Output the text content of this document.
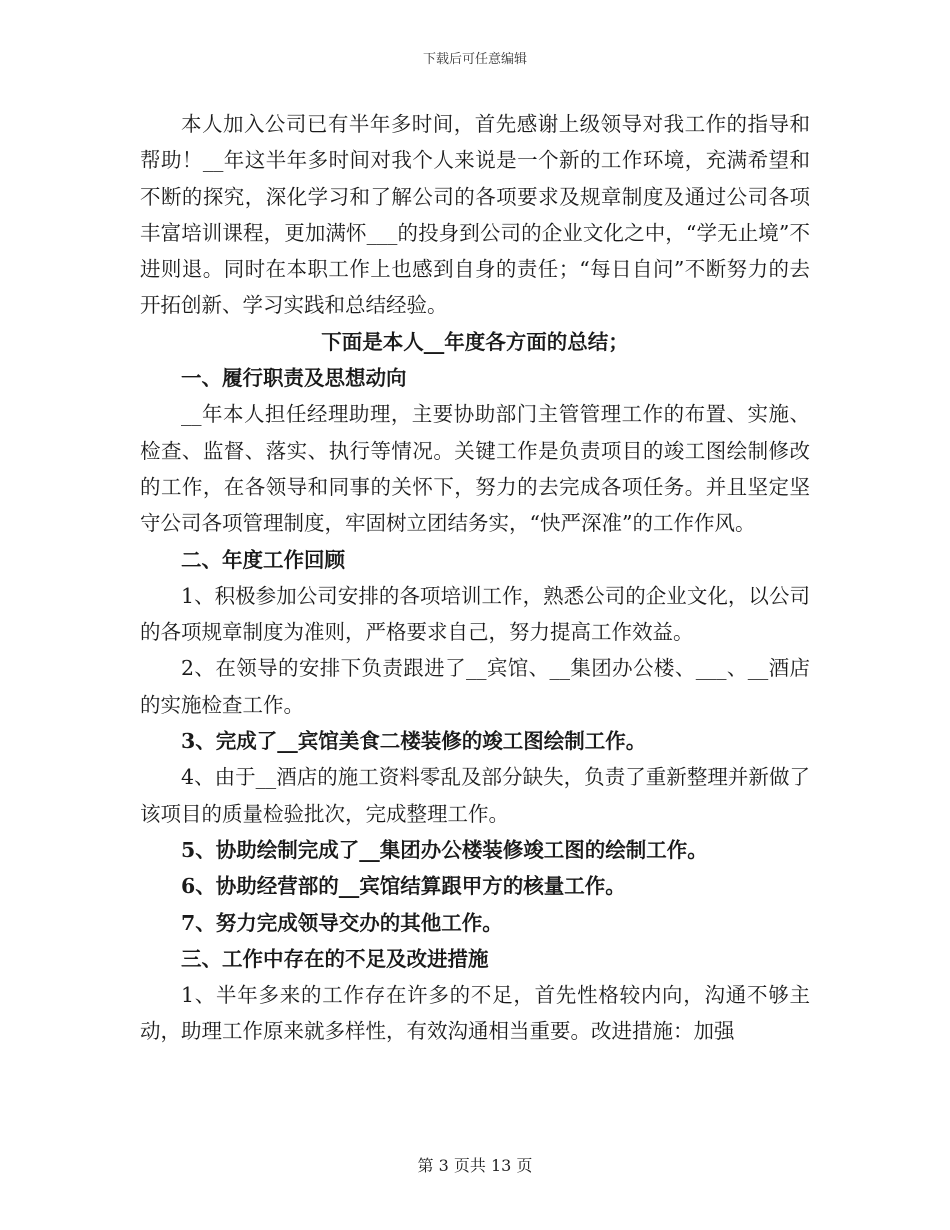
下载后可任意编辑

本人加入公司已有半年多时间，首先感谢上级领导对我工作的指导和帮助！__年这半年多时间对我个人来说是一个新的工作环境，充满希望和不断的探究，深化学习和了解公司的各项要求及规章制度及通过公司各项丰富培训课程，更加满怀___的投身到公司的企业文化之中，“学无止境”不进则退。同时在本职工作上也感到自身的责任；“每日自问”不断努力的去开拓创新、学习实践和总结经验。

下面是本人__年度各方面的总结；

一、履行职责及思想动向

__年本人担任经理助理，主要协助部门主管管理工作的布置、实施、检查、监督、落实、执行等情况。关键工作是负责项目的竣工图绘制修改的工作，在各领导和同事的关怀下，努力的去完成各项任务。并且坚定坚守公司各项管理制度，牢固树立团结务实，“快严深准”的工作作风。

二、年度工作回顾

1、积极参加公司安排的各项培训工作，熟悉公司的企业文化，以公司的各项规章制度为准则，严格要求自己，努力提高工作效益。

2、在领导的安排下负责跟进了__宾馆、__集团办公楼、___、__酒店的实施检查工作。

3、完成了__宾馆美食二楼装修的竣工图绘制工作。

4、由于__酒店的施工资料零乱及部分缺失，负责了重新整理并新做了该项目的质量检验批次，完成整理工作。

5、协助绘制完成了__集团办公楼装修竣工图的绘制工作。

6、协助经营部的__宾馆结算跟甲方的核量工作。

7、努力完成领导交办的其他工作。

三、工作中存在的不足及改进措施

1、半年多来的工作存在许多的不足，首先性格较内向，沟通不够主动，助理工作原来就多样性，有效沟通相当重要。改进措施：加强

第 3 页共 13 页
